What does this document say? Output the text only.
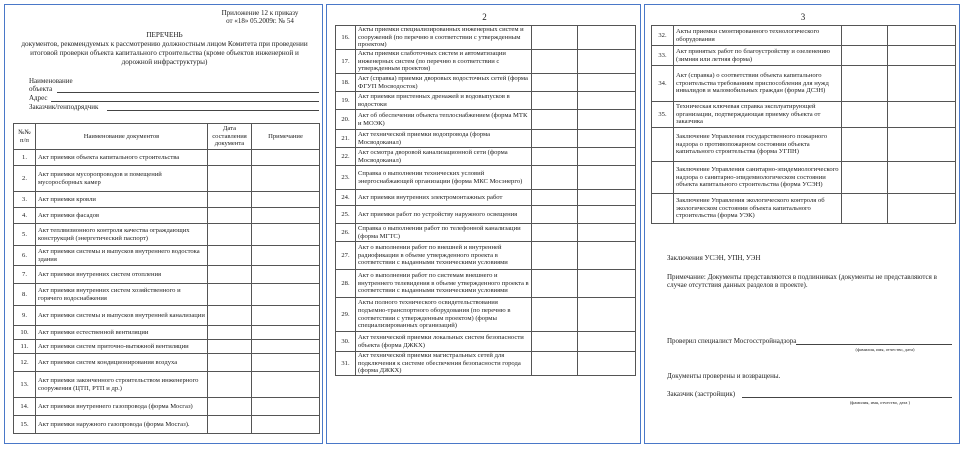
Приложение 12 к приказу
от «18» 05.2009г. № 54
ПЕРЕЧЕНЬ
документов, рекомендуемых к рассмотрению должностным лицом Комитета при проведении
итоговой проверки объекта капитального строительства (кроме объектов инженерной и
дорожной инфраструктуры)
Наименование
объекта
Адрес
Заказчик/генподрядчик
№№ п/п	Наименование документов	Дата составления документа	Примечание
1.	Акт приемки объекта капитального строительства		
2.	Акт приемки мусоропроводов и помещений мусоросборных камер		
3.	Акт приемки кровли		
4.	Акт приемки фасадов		
5.	Акт теплвизионного контроля качества ограждающих конструкций (энергетический паспорт)		
6.	Акт приемки системы и выпусков внутреннего водостока здания		
7.	Акт приемки внутренних систем отопления		
8.	Акт приемки внутренних систем хозяйственного и горячего водоснабжения		
9.	Акт приемки системы и выпусков внутренней канализации		
10.	Акт приемки естественной вентиляции		
11.	Акт приемки систем приточно-вытяжной вентиляции		
12.	Акт приемки систем кондиционирования воздуха		
13.	Акт приемки законченного строительством инженерного сооружения (ЦТП, РТП и др.)		
14.	Акт приемки внутреннего газопровода (форма Мосгаз)		
15.	Акт приемки наружного газопровода (форма Мосгаз).		
2
16.	Акты приемки специализированных инженерных систем и сооружений (по перечню в соответствии с утвержденным проектом)		
17.	Акты приемки слаботочных систем и автоматизации инженерных систем (по перечню в соответствии с утвержденным проектом)		
18.	Акт (справка) приемки дворовых водосточных сетей (форма ФГУП Мосводосток)		
19.	Акт приемки пристенных дренажей и водовыпусков в водостоки		
20.	Акт об обеспечении объекта теплоснабжением (форма МТК и МОЭК)		
21.	Акт технической приемки водопровода (форма Мосводоканал)		
22.	Акт осмотра дворовой канализационной сети (форма Мосводоканал)		
23.	Справка о выполнении технических условий энергоснабжающей организации (форма МКС Мосэнерго)		
24.	Акт приемки внутренних электромонтажных работ		
25.	Акт приемки работ по устройству наружного освещения		
26.	Справка о выполнении работ по телефонной канализации (форма МГТС)		
27.	Акт о выполнении работ по внешней и внутренней радиофикации в объеме утвержденного проекта в соответствии с выданными техническими условиями		
28.	Акт о выполнении работ по системам внешнего и внутреннего телевидения в объеме утвержденного проекта в соответствии с выданными техническими условиями		
29.	Акты полного технического освидетельствования подъемно-транспортного оборудования (по перечню в соответствии с утвержденным проектом) (формы специализированных организаций)		
30.	Акт технической приемки локальных систем безопасности объекта (форма ДЖКХ)		
31.	Акт технической приемки магистральных сетей для подключения к системе обеспечения безопасности города (форма ДЖКХ)		
3
32.	Акты приемки смонтированного технологического оборудования		
33.	Акт принятых работ по благоустройству и озеленению (зимняя или летняя форма)		
34.	Акт (справка) о соответствии объекта капитального строительства требованиям приспособления для нужд инвалидов и маломобильных граждан (форма ДСЗН)		
35.	Техническая ключевая справка эксплуатирующей организации, подтверждающая приемку объекта от заказчика		
	Заключение Управления государственного пожарного надзора о противопожарном состоянии объекта капитального строительства (форма УГПН)		
	Заключение Управления санитарно-эпидемиологического надзора о санитарно-эпидемиологическом состоянии объекта капитального строительства (форма УСЭН)		
	Заключение Управления экологического контроля об экологическом состоянии объекта капитального строительства (форма УЭК)		
Заключения УСЭН, УПН, УЭН
Примечание: Документы представляются в подлинниках (документы не представляются в случае отсутствия данных разделов в проекте).
Проверил специалист Мосгосстройнадзора
(фамилия, имя, отчество, дата)
Документы проверены и возвращены.
Заказчик (застройщик)
(фамилия, имя, отчество, дата )
